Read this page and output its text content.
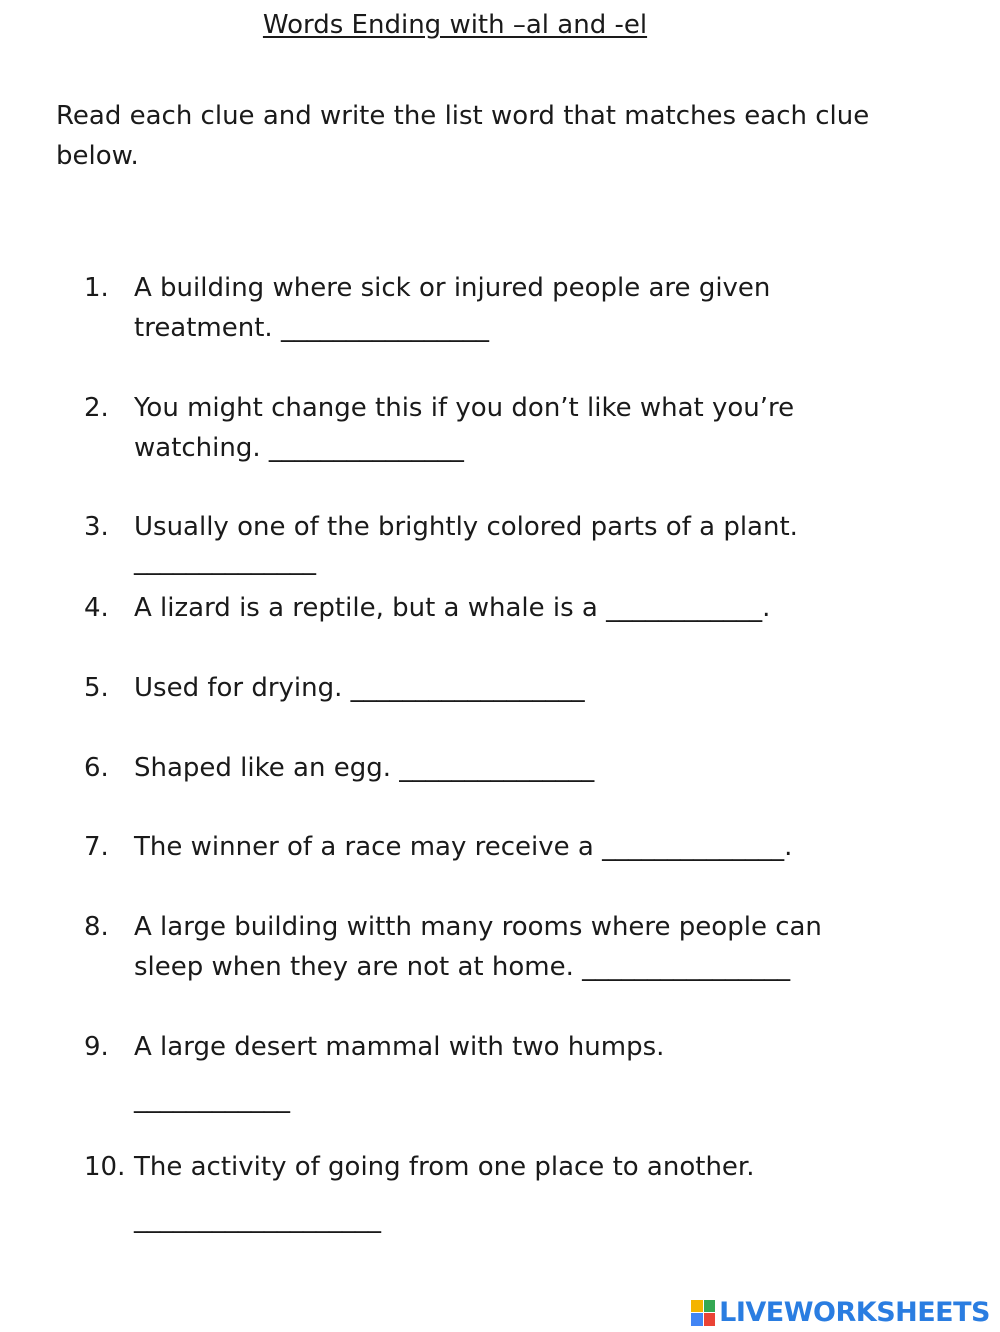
Words Ending with –al and -el
Read each clue and write the list word that matches each clue below.
1. A building where sick or injured people are given
treatment. ________________
2. You might change this if you don’t like what you’re
watching. _______________
3. Usually one of the brightly colored parts of a plant.
______________
4. A lizard is a reptile, but a whale is a ____________.
5. Used for drying. __________________
6. Shaped like an egg. _______________
7. The winner of a race may receive a ______________.
8. A large building witth many rooms where people can
sleep when they are not at home. ________________
9. A large desert mammal with two humps.
____________
10. The activity of going from one place to another.
___________________
LIVEWORKSHEETS
